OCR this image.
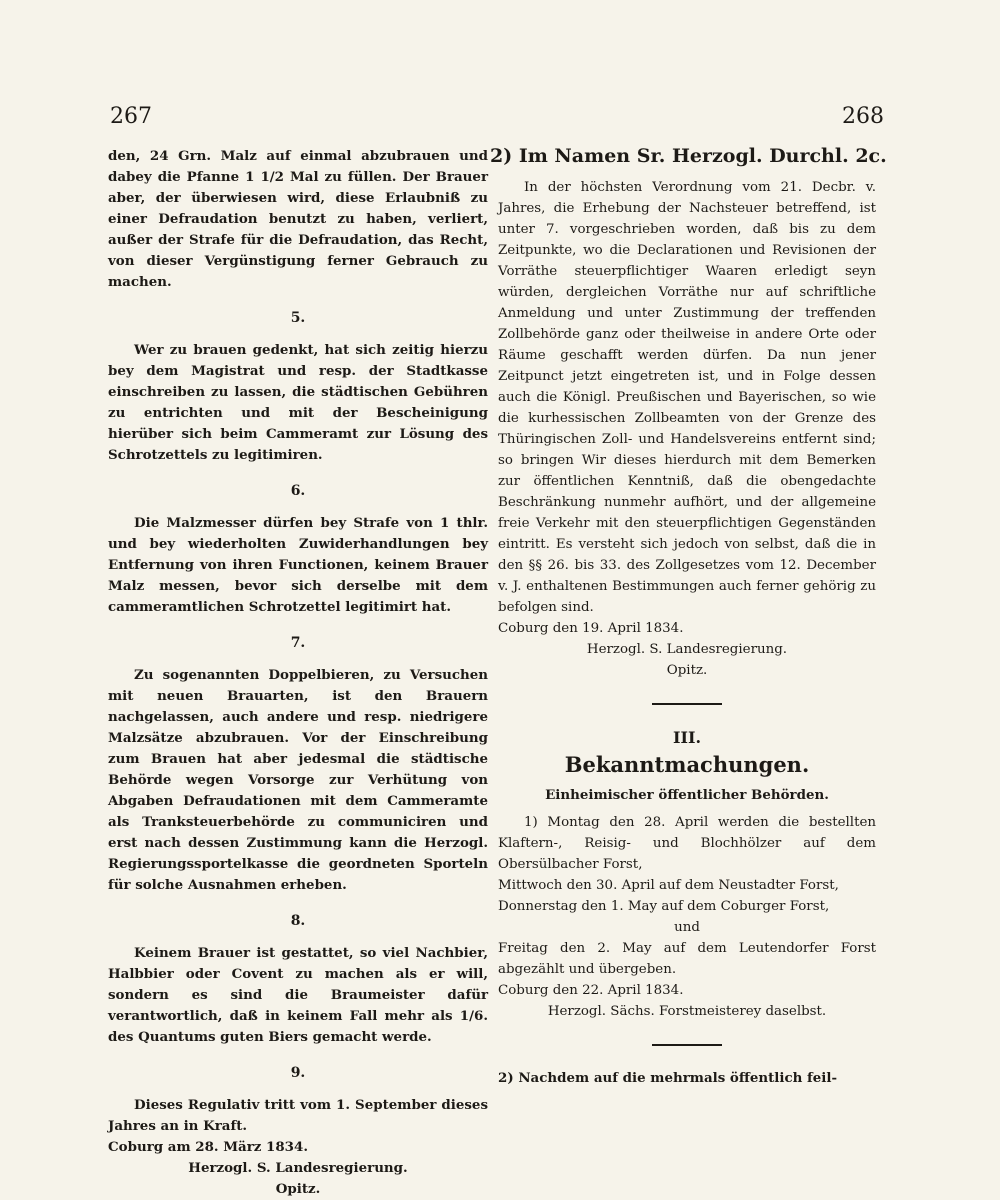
267	268

den, 24 Grn. Malz auf einmal abzubrauen und dabey die Pfanne 1 1/2 Mal zu füllen. Der Brauer aber, der überwiesen wird, diese Erlaubniß zu einer Defraudation benutzt zu haben, verliert, außer der Strafe für die Defraudation, das Recht, von dieser Vergünstigung ferner Gebrauch zu machen.

5.

Wer zu brauen gedenkt, hat sich zeitig hierzu bey dem Magistrat und resp. der Stadtkasse einschreiben zu lassen, die städtischen Gebühren zu entrichten und mit der Bescheinigung hierüber sich beim Cammeramt zur Lösung des Schrotzettels zu legitimiren.

6.

Die Malzmesser dürfen bey Strafe von 1 thlr. und bey wiederholten Zuwiderhandlungen bey Entfernung von ihren Functionen, keinem Brauer Malz messen, bevor sich derselbe mit dem cammeramtlichen Schrotzettel legitimirt hat.

7.

Zu sogenannten Doppelbieren, zu Versuchen mit neuen Brauarten, ist den Brauern nachgelassen, auch andere und resp. niedrigere Malzsätze abzubrauen. Vor der Einschreibung zum Brauen hat aber jedesmal die städtische Behörde wegen Vorsorge zur Verhütung von Abgaben Defraudationen mit dem Cammeramte als Tranksteuerbehörde zu communiciren und erst nach dessen Zustimmung kann die Herzogl. Regierungssportelkasse die geordneten Sporteln für solche Ausnahmen erheben.

8.

Keinem Brauer ist gestattet, so viel Nachbier, Halbbier oder Covent zu machen als er will, sondern es sind die Braumeister dafür verantwortlich, daß in keinem Fall mehr als 1/6. des Quantums guten Biers gemacht werde.

9.

Dieses Regulativ tritt vom 1. September dieses Jahres an in Kraft.

Coburg am 28. März 1834.

Herzogl. S. Landesregierung.

Opitz.

2) Im Namen Sr. Herzogl. Durchl. 2c.

In der höchsten Verordnung vom 21. Decbr. v. Jahres, die Erhebung der Nachsteuer betreffend, ist unter 7. vorgeschrieben worden, daß bis zu dem Zeitpunkte, wo die Declarationen und Revisionen der Vorräthe steuerpflichtiger Waaren erledigt seyn würden, dergleichen Vorräthe nur auf schriftliche Anmeldung und unter Zustimmung der treffenden Zollbehörde ganz oder theilweise in andere Orte oder Räume geschafft werden dürfen. Da nun jener Zeitpunct jetzt eingetreten ist, und in Folge dessen auch die Königl. Preußischen und Bayerischen, so wie die kurhessischen Zollbeamten von der Grenze des Thüringischen Zoll- und Handelsvereins entfernt sind; so bringen Wir dieses hierdurch mit dem Bemerken zur öffentlichen Kenntniß, daß die obengedachte Beschränkung nunmehr aufhört, und der allgemeine freie Verkehr mit den steuerpflichtigen Gegenständen eintritt. Es versteht sich jedoch von selbst, daß die in den §§ 26. bis 33. des Zollgesetzes vom 12. December v. J. enthaltenen Bestimmungen auch ferner gehörig zu befolgen sind.

Coburg den 19. April 1834.

Herzogl. S. Landesregierung.

Opitz.

III.
Bekanntmachungen.
Einheimischer öffentlicher Behörden.

1) Montag den 28. April werden die bestellten Klaftern-, Reisig- und Blochhölzer auf dem Obersülbacher Forst,

Mittwoch den 30. April auf dem Neustadter Forst,

Donnerstag den 1. May auf dem Coburger Forst,

und

Freitag den 2. May auf dem Leutendorfer Forst abgezählt und übergeben.

Coburg den 22. April 1834.

Herzogl. Sächs. Forstmeisterey daselbst.

2) Nachdem auf die mehrmals öffentlich feil-
